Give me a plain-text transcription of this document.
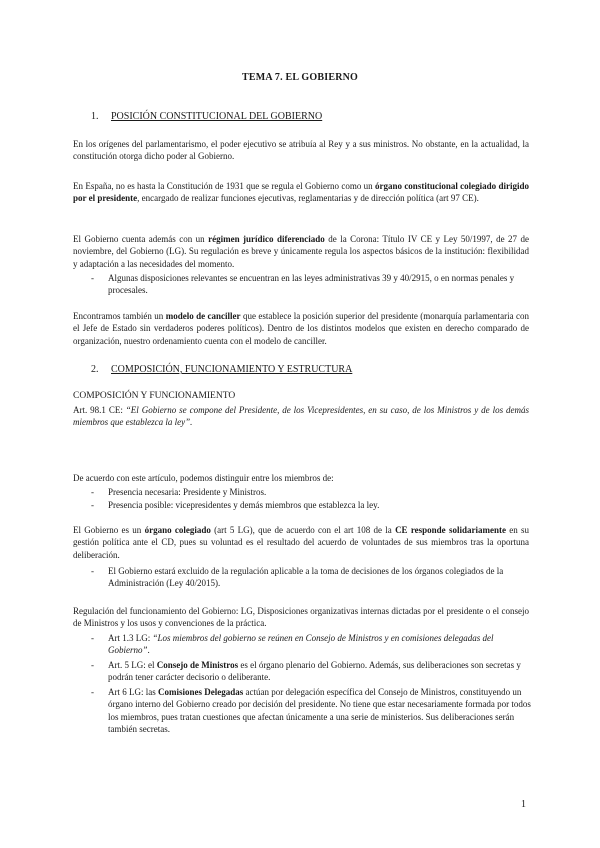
TEMA 7. EL GOBIERNO
1. POSICIÓN CONSTITUCIONAL DEL GOBIERNO
En los orígenes del parlamentarismo, el poder ejecutivo se atribuía al Rey y a sus ministros. No obstante, en la actualidad, la constitución otorga dicho poder al Gobierno.
En España, no es hasta la Constitución de 1931 que se regula el Gobierno como un órgano constitucional colegiado dirigido por el presidente, encargado de realizar funciones ejecutivas, reglamentarias y de dirección política (art 97 CE).
El Gobierno cuenta además con un régimen jurídico diferenciado de la Corona: Título IV CE y Ley 50/1997, de 27 de noviembre, del Gobierno (LG). Su regulación es breve y únicamente regula los aspectos básicos de la institución: flexibilidad y adaptación a las necesidades del momento.
- Algunas disposiciones relevantes se encuentran en las leyes administrativas 39 y 40/2915, o en normas penales y procesales.
Encontramos también un modelo de canciller que establece la posición superior del presidente (monarquía parlamentaria con el Jefe de Estado sin verdaderos poderes políticos). Dentro de los distintos modelos que existen en derecho comparado de organización, nuestro ordenamiento cuenta con el modelo de canciller.
2. COMPOSICIÓN, FUNCIONAMIENTO Y ESTRUCTURA
COMPOSICIÓN Y FUNCIONAMIENTO
Art. 98.1 CE: “El Gobierno se compone del Presidente, de los Vicepresidentes, en su caso, de los Ministros y de los demás miembros que establezca la ley”.
De acuerdo con este artículo, podemos distinguir entre los miembros de:
- Presencia necesaria: Presidente y Ministros.
- Presencia posible: vicepresidentes y demás miembros que establezca la ley.
El Gobierno es un órgano colegiado (art 5 LG), que de acuerdo con el art 108 de la CE responde solidariamente en su gestión política ante el CD, pues su voluntad es el resultado del acuerdo de voluntades de sus miembros tras la oportuna deliberación.
- El Gobierno estará excluido de la regulación aplicable a la toma de decisiones de los órganos colegiados de la Administración (Ley 40/2015).
Regulación del funcionamiento del Gobierno: LG, Disposiciones organizativas internas dictadas por el presidente o el consejo de Ministros y los usos y convenciones de la práctica.
- Art 1.3 LG: “Los miembros del gobierno se reúnen en Consejo de Ministros y en comisiones delegadas del Gobierno”.
- Art. 5 LG: el Consejo de Ministros es el órgano plenario del Gobierno. Además, sus deliberaciones son secretas y podrán tener carácter decisorio o deliberante.
- Art 6 LG: las Comisiones Delegadas actúan por delegación específica del Consejo de Ministros, constituyendo un órgano interno del Gobierno creado por decisión del presidente. No tiene que estar necesariamente formada por todos los miembros, pues tratan cuestiones que afectan únicamente a una serie de ministerios. Sus deliberaciones serán también secretas.
1
